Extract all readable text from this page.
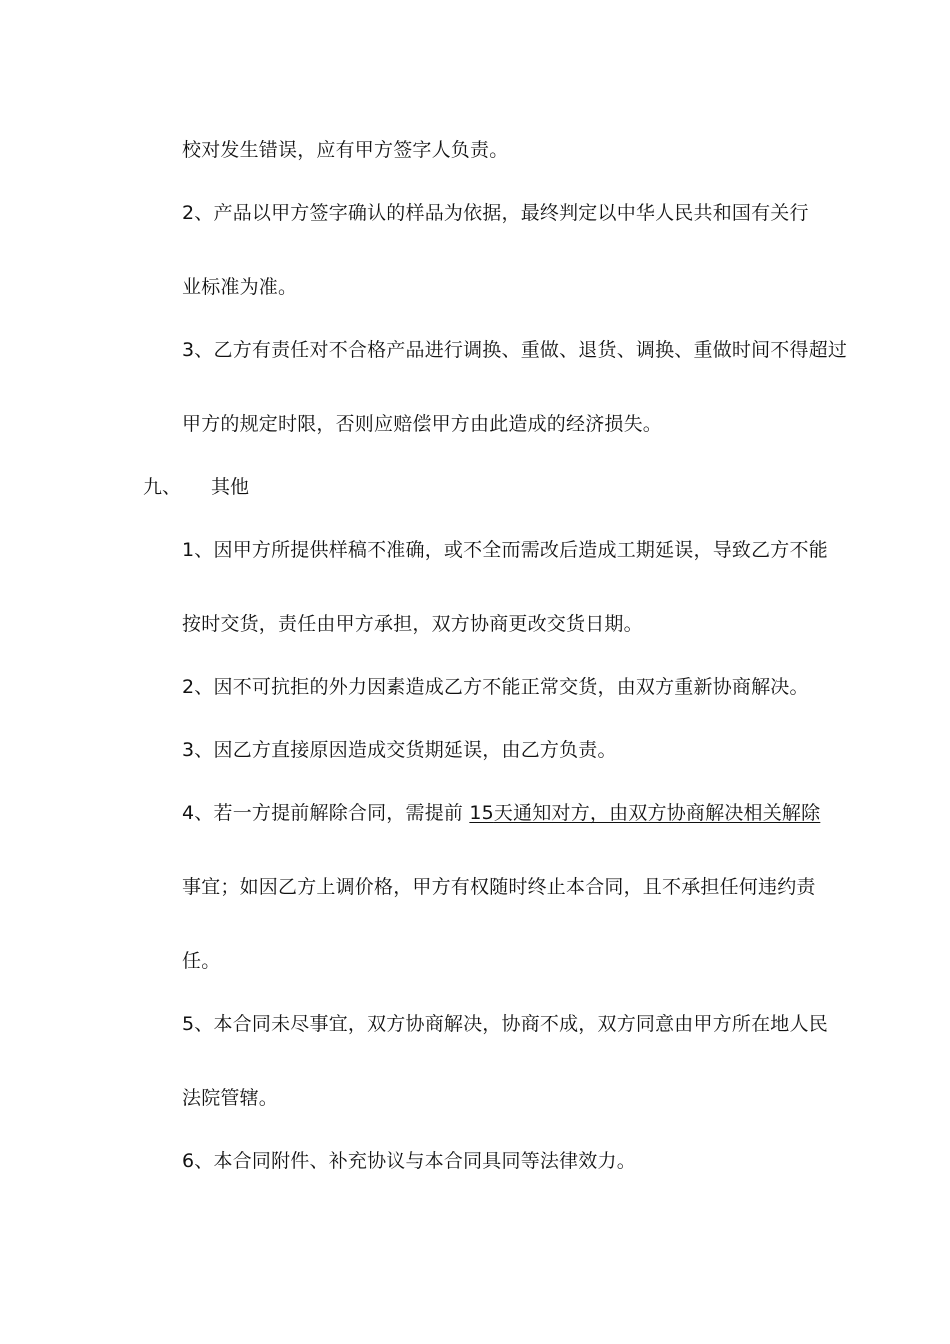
校对发生错误，应有甲方签字人负责。
2、产品以甲方签字确认的样品为依据，最终判定以中华人民共和国有关行
业标准为准。
3、乙方有责任对不合格产品进行调换、重做、退货、调换、重做时间不得超过
甲方的规定时限，否则应赔偿甲方由此造成的经济损失。
九、 其他
1、因甲方所提供样稿不准确，或不全而需改后造成工期延误，导致乙方不能
按时交货，责任由甲方承担，双方协商更改交货日期。
2、因不可抗拒的外力因素造成乙方不能正常交货，由双方重新协商解决。
3、因乙方直接原因造成交货期延误，由乙方负责。
4、若一方提前解除合同，需提前 15天通知对方，由双方协商解决相关解除
事宜；如因乙方上调价格，甲方有权随时终止本合同，且不承担任何违约责
任。
5、本合同未尽事宜，双方协商解决，协商不成，双方同意由甲方所在地人民
法院管辖。
6、本合同附件、补充协议与本合同具同等法律效力。
